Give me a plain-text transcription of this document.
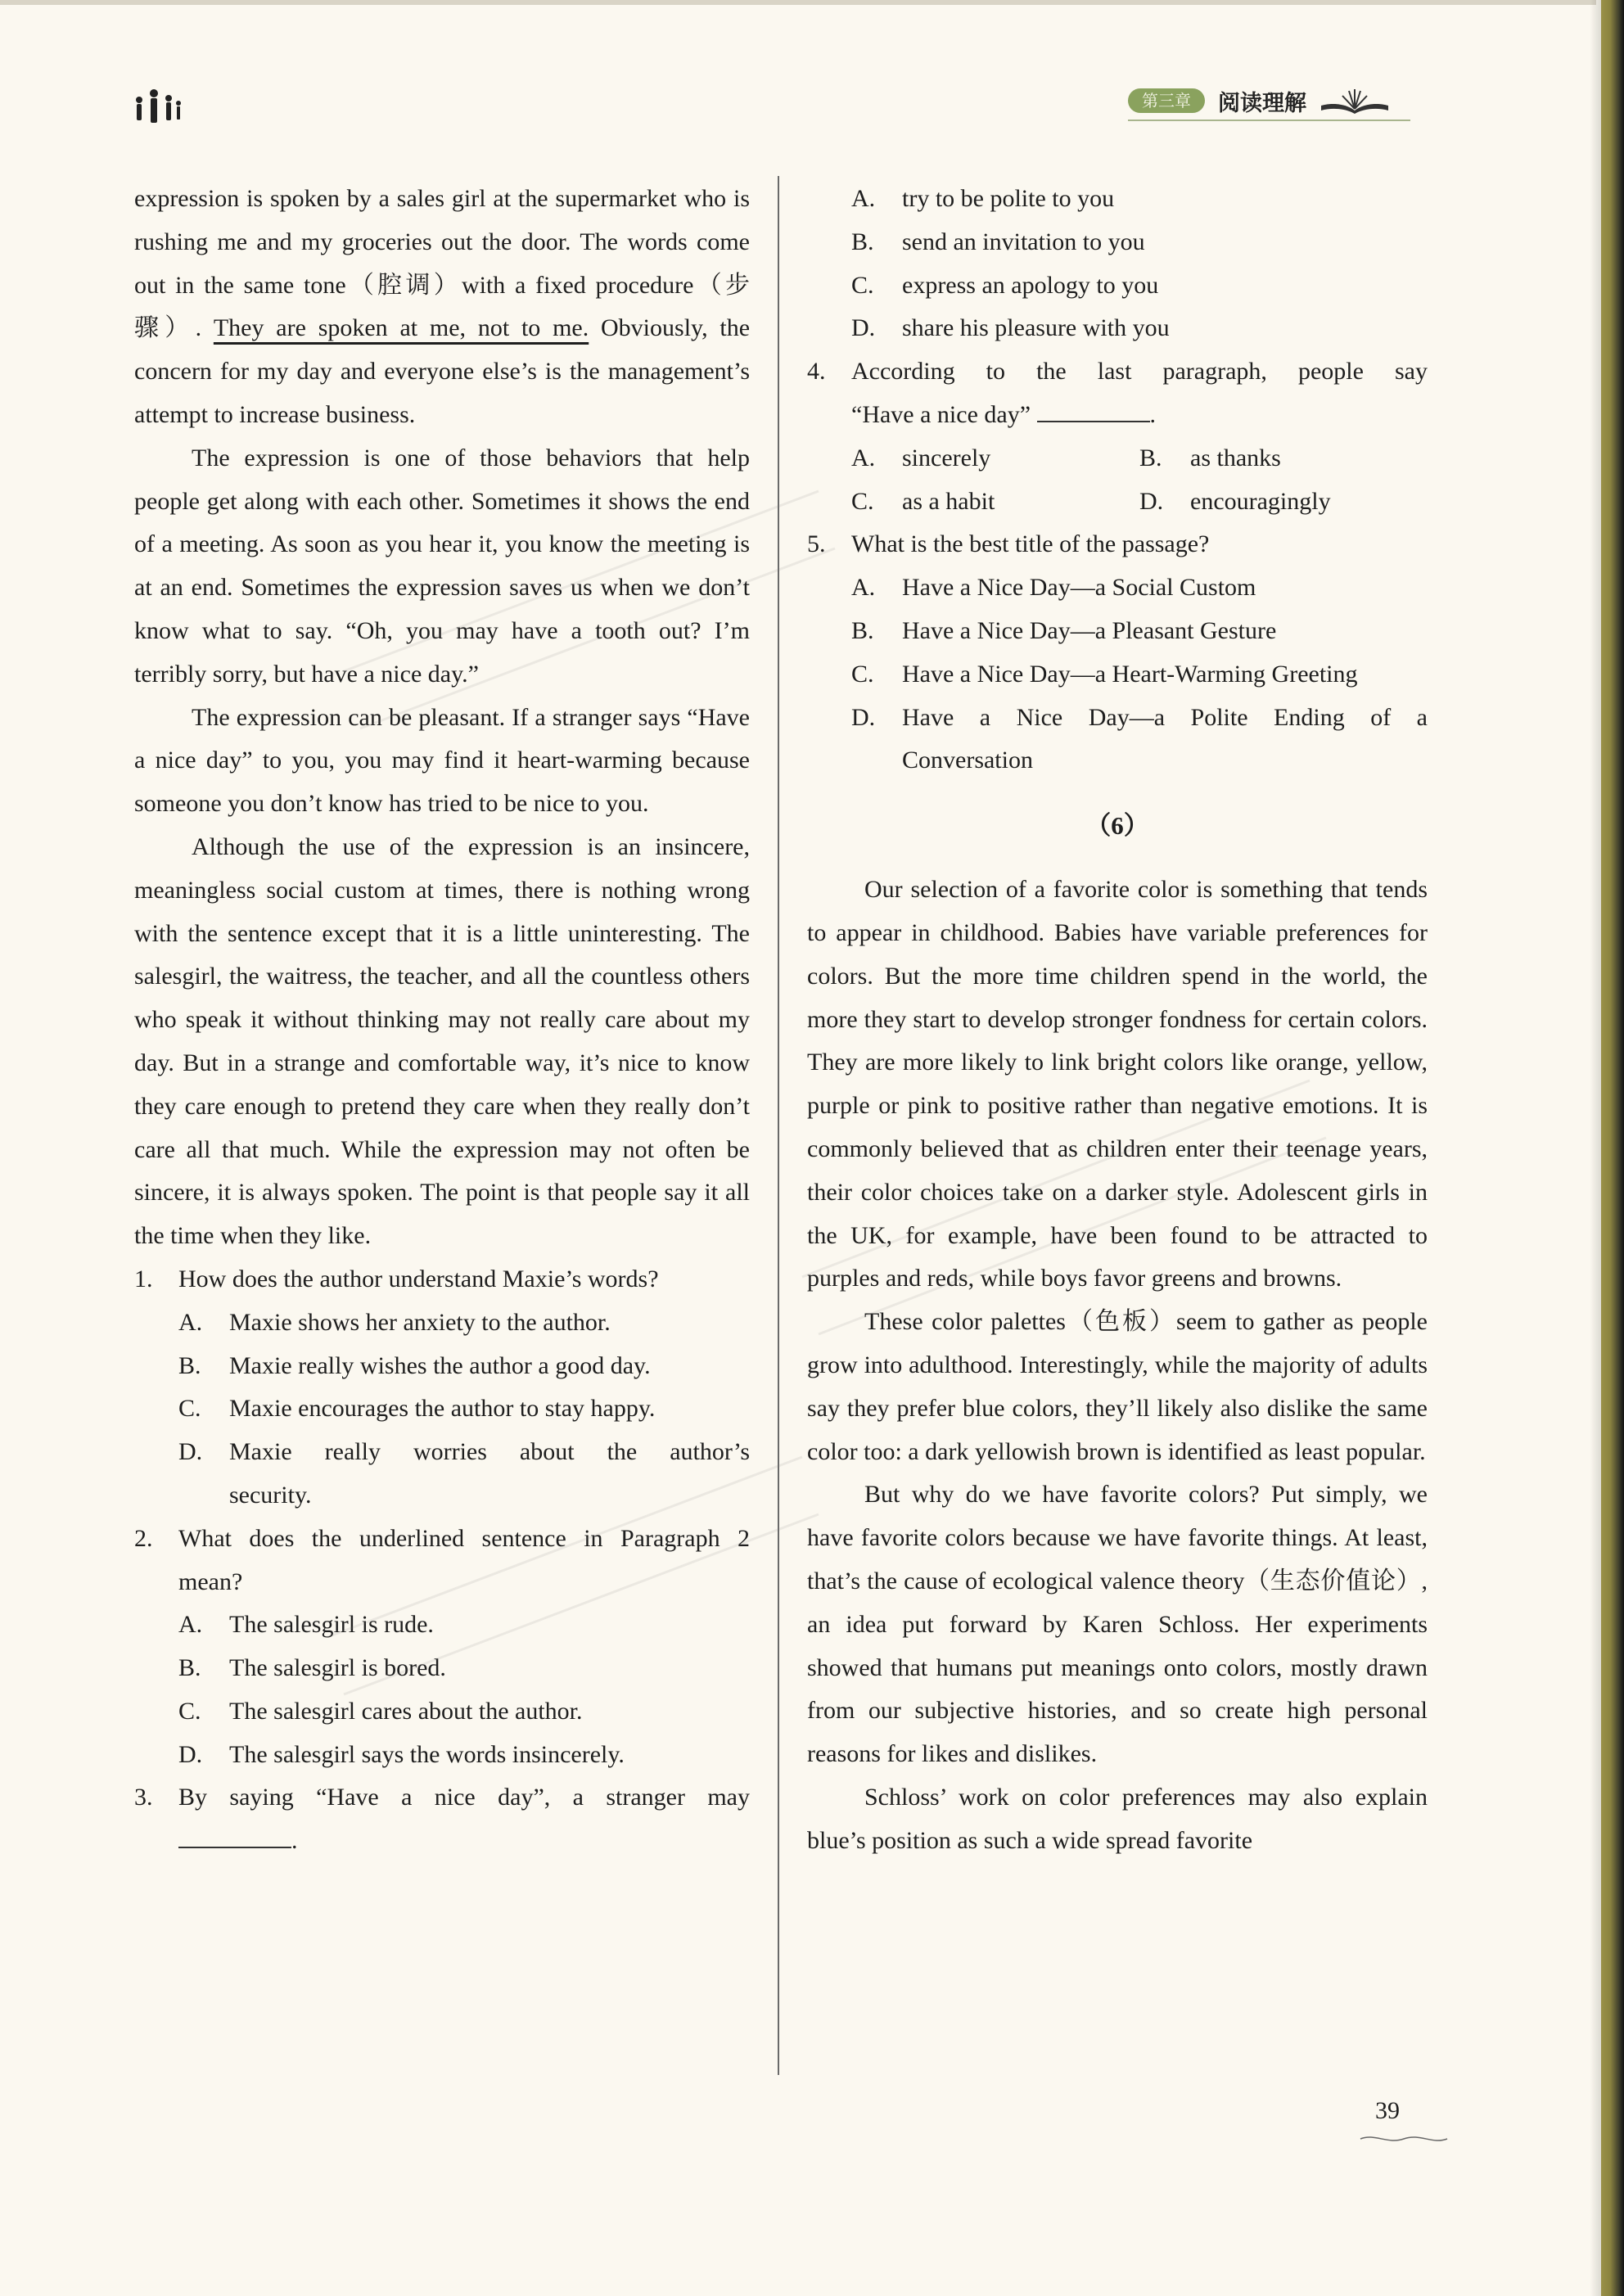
第三章	阅读理解

expression is spoken by a sales girl at the supermarket who is rushing me and my groceries out the door. The words come out in the same tone（腔调）with a fixed procedure（步骤）. They are spoken at me, not to me. Obviously, the concern for my day and everyone else’s is the management’s attempt to increase business.

The expression is one of those behaviors that help people get along with each other. Sometimes it shows the end of a meeting. As soon as you hear it, you know the meeting is at an end. Sometimes the expression saves us when we don’t know what to say. “Oh, you may have a tooth out? I’m terribly sorry, but have a nice day.”

The expression can be pleasant. If a stranger says “Have a nice day” to you, you may find it heart-warming because someone you don’t know has tried to be nice to you.

Although the use of the expression is an insincere, meaningless social custom at times, there is nothing wrong with the sentence except that it is a little uninteresting. The salesgirl, the waitress, the teacher, and all the countless others who speak it without thinking may not really care about my day. But in a strange and comfortable way, it’s nice to know they care enough to pretend they care when they really don’t care all that much. While the expression may not often be sincere, it is always spoken. The point is that people say it all the time when they like.

1.	How does the author understand Maxie’s words?
A.	Maxie shows her anxiety to the author.
B.	Maxie really wishes the author a good day.
C.	Maxie encourages the author to stay happy.
D.	Maxie really worries about the author’s

security.

2.	What does the underlined sentence in Paragraph 2

mean?

A.	The salesgirl is rude.
B.	The salesgirl is bored.
C.	The salesgirl cares about the author.
D.	The salesgirl says the words insincerely.
3.	By saying “Have a nice day”, a stranger may

.

A.	try to be polite to you
B.	send an invitation to you
C.	express an apology to you
D.	share his pleasure with you
4.	According to the last paragraph, people say

“Have a nice day”	.

A.	sincerely	B.	as thanks
C.	as a habit	D.	encouragingly
5.	What is the best title of the passage?
A.	Have a Nice Day—a Social Custom
B.	Have a Nice Day—a Pleasant Gesture
C.	Have a Nice Day—a Heart-Warming Greeting
D.	Have a Nice Day—a Polite Ending of a

Conversation

（6）

Our selection of a favorite color is something that tends to appear in childhood. Babies have variable preferences for colors. But the more time children spend in the world, the more they start to develop stronger fondness for certain colors. They are more likely to link bright colors like orange, yellow, purple or pink to positive rather than negative emotions. It is commonly believed that as children enter their teenage years, their color choices take on a darker style. Adolescent girls in the UK, for example, have been found to be attracted to purples and reds, while boys favor greens and browns.

These color palettes（色板）seem to gather as people grow into adulthood. Interestingly, while the majority of adults say they prefer blue colors, they’ll likely also dislike the same color too: a dark yellowish brown is identified as least popular.

But why do we have favorite colors? Put simply, we have favorite colors because we have favorite things. At least, that’s the cause of ecological valence theory（生态价值论）, an idea put forward by Karen Schloss. Her experiments showed that humans put meanings onto colors, mostly drawn from our subjective histories, and so create high personal reasons for likes and dislikes.

Schloss’ work on color preferences may also explain blue’s position as such a wide spread favorite

39
